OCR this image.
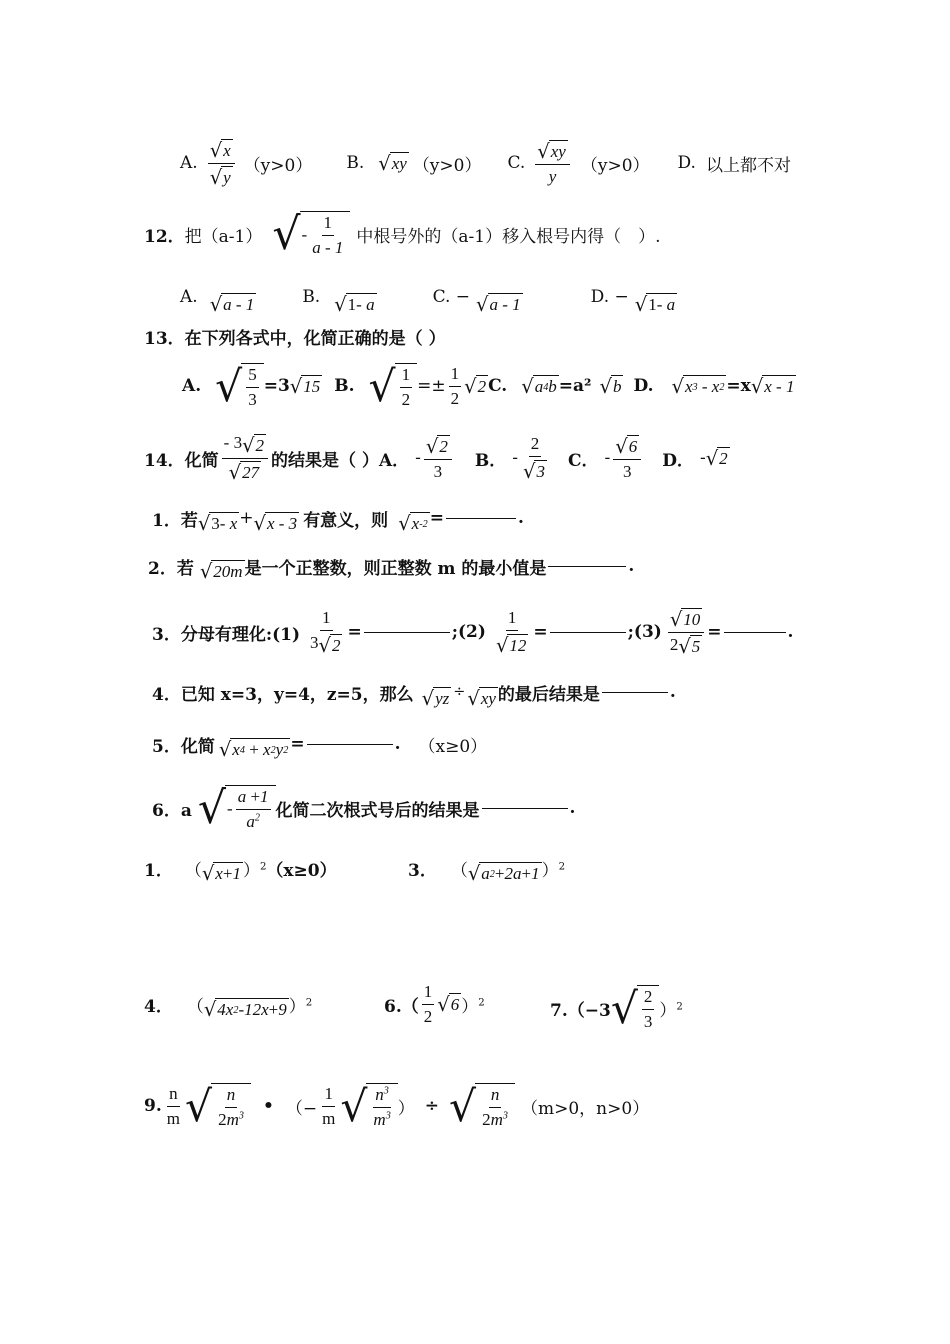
A. $\frac{√ x}{√ y} (y>0)$ B. √ xy （y>0） C. $\frac{√ xy}{y} (y>0)$ D. 以上都不对
12． 把（a-1） √ - $\frac{1}{a - 1}$ 中根号外的（a-1）移入根号内得（　）.
A. √ a - 1	B. √ 1- a	C. − √ a - 1	D. − √ 1- a
13．在下列各式中，化简正确的是（ ）
A. √ $\frac{5}{3} =3$ √ 15 B. √ $\frac{1}{2} =\pm \frac{1}{2}$ √ 2 C. √ a 4 b =a² √ b D. √ x 3
- x 2 =x √ x - 1
14．化简 $\frac{- 3 √ 2}{√ 27}$ 的结果是（ ） A． - $\frac{√ 2}{3}$ B． - $\frac{2}{√ 3}$ C． - $\frac{√ 6}{3}$ D． - √ 2
1．若 √ 3- x + √ x - 3 有意义，则 √ x -2 =	.
2．若 √ 20m 是一个正整数，则正整数 m 的最小值是	.
3．分母有理化:(1) $\frac{1}{3 √ 2}$ =	;(2) $\frac{1}{√ 12}$ =	;(3) $\frac{√ 10}{2 √ 5}$ =	.
4．已知 x=3，y=4，z=5，那么 √ yz ÷ √ xy 的最后结果是	.
5．化简 √ x 4
+ x 2 y 2 =	. （x≥0）
6．a √ - $\frac{a +1}{a^2}$ 化简二次根式号后的结果是	.
1． （ √ x + 1 ）$^2$ （x≥0）	3． （ √ a 2 + 2a + 1 ）$^2$
4． （ √ 4x 2 - 12x + 9 ）$^2$	$6.( \frac{1}{2}$ √ 6 ）$^2$	7.（−3 √ $\frac{2}{3} )^2$
9. $\frac{n}{m}$ √ $\frac{n}{2m^3}$ • （− $\frac{1}{m}$ √ $\frac{n^3}{m^3}$ ） ÷ √ $\frac{n}{2m^3} (m>0$，n>0）
